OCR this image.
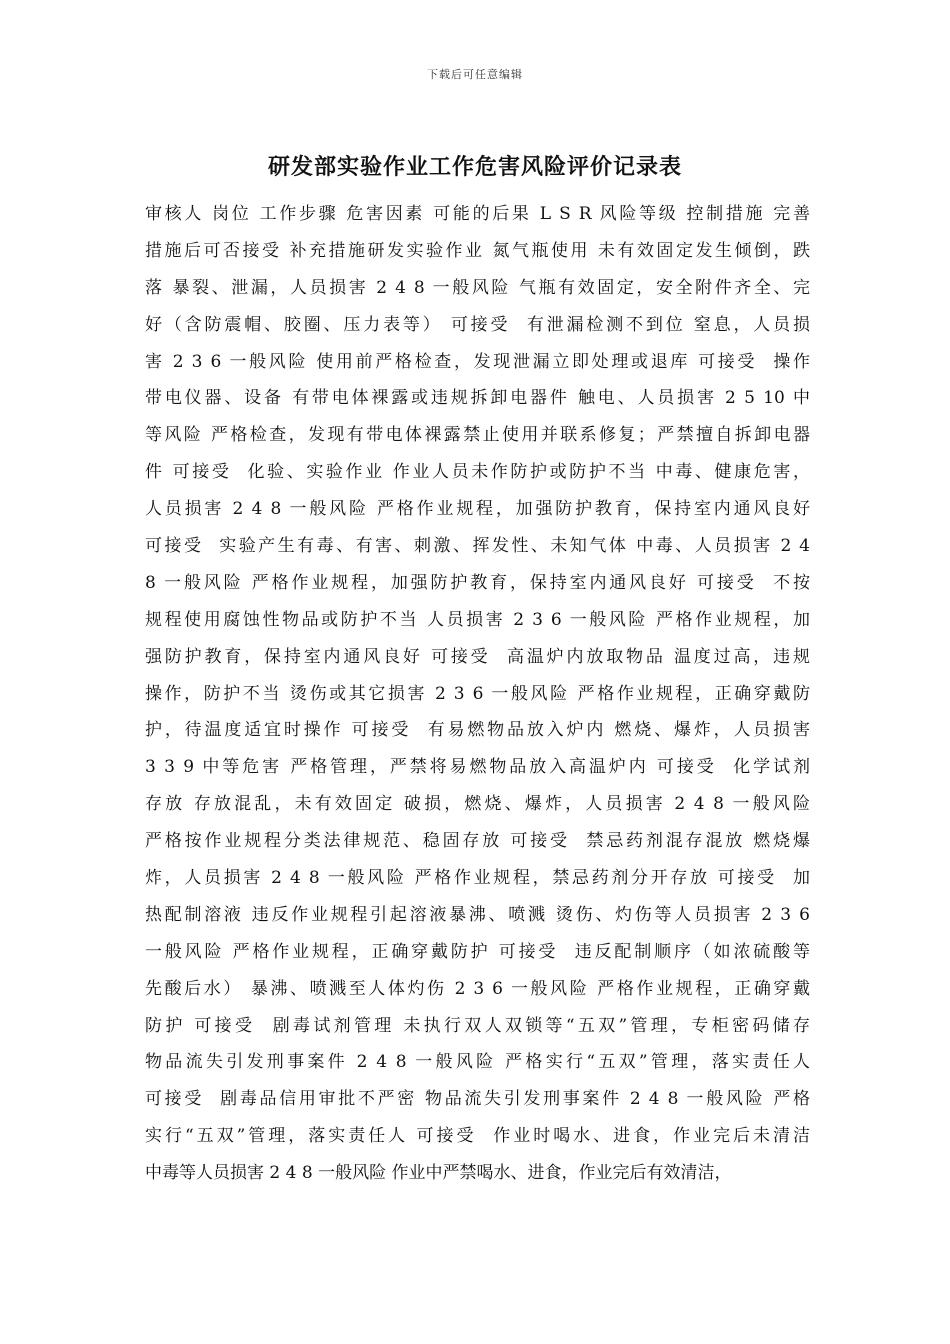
下载后可任意编辑
研发部实验作业工作危害风险评价记录表
审核人 岗位 工作步骤 危害因素 可能的后果 L S R 风险等级 控制措施 完善
措施后可否接受 补充措施研发实验作业 氮气瓶使用 未有效固定发生倾倒，跌
落 暴裂、泄漏，人员损害 2 4 8 一般风险 气瓶有效固定，安全附件齐全、完
好（含防震帽、胶圈、压力表等） 可接受  有泄漏检测不到位 窒息，人员损
害 2 3 6 一般风险 使用前严格检查，发现泄漏立即处理或退库 可接受  操作
带电仪器、设备 有带电体裸露或违规拆卸电器件 触电、人员损害 2 5 10 中
等风险 严格检查，发现有带电体裸露禁止使用并联系修复；严禁擅自拆卸电器
件 可接受  化验、实验作业 作业人员未作防护或防护不当 中毒、健康危害，
人员损害 2 4 8 一般风险 严格作业规程，加强防护教育，保持室内通风良好
可接受  实验产生有毒、有害、刺激、挥发性、未知气体 中毒、人员损害 2 4
8 一般风险 严格作业规程，加强防护教育，保持室内通风良好 可接受  不按
规程使用腐蚀性物品或防护不当 人员损害 2 3 6 一般风险 严格作业规程，加
强防护教育，保持室内通风良好 可接受  高温炉内放取物品 温度过高，违规
操作，防护不当 烫伤或其它损害 2 3 6 一般风险 严格作业规程，正确穿戴防
护，待温度适宜时操作 可接受  有易燃物品放入炉内 燃烧、爆炸，人员损害
3 3 9 中等危害 严格管理，严禁将易燃物品放入高温炉内 可接受  化学试剂
存放 存放混乱，未有效固定 破损，燃烧、爆炸，人员损害 2 4 8 一般风险
严格按作业规程分类法律规范、稳固存放 可接受  禁忌药剂混存混放 燃烧爆
炸，人员损害 2 4 8 一般风险 严格作业规程，禁忌药剂分开存放 可接受  加
热配制溶液 违反作业规程引起溶液暴沸、喷溅 烫伤、灼伤等人员损害 2 3 6
一般风险 严格作业规程，正确穿戴防护 可接受  违反配制顺序（如浓硫酸等
先酸后水） 暴沸、喷溅至人体灼伤 2 3 6 一般风险 严格作业规程，正确穿戴
防护 可接受  剧毒试剂管理 未执行双人双锁等“五双”管理，专柜密码储存
物品流失引发刑事案件 2 4 8 一般风险 严格实行“五双”管理，落实责任人
可接受  剧毒品信用审批不严密 物品流失引发刑事案件 2 4 8 一般风险 严格
实行“五双”管理，落实责任人 可接受  作业时喝水、进食，作业完后未清洁
中毒等人员损害 2 4 8 一般风险 作业中严禁喝水、进食，作业完后有效清洁，
